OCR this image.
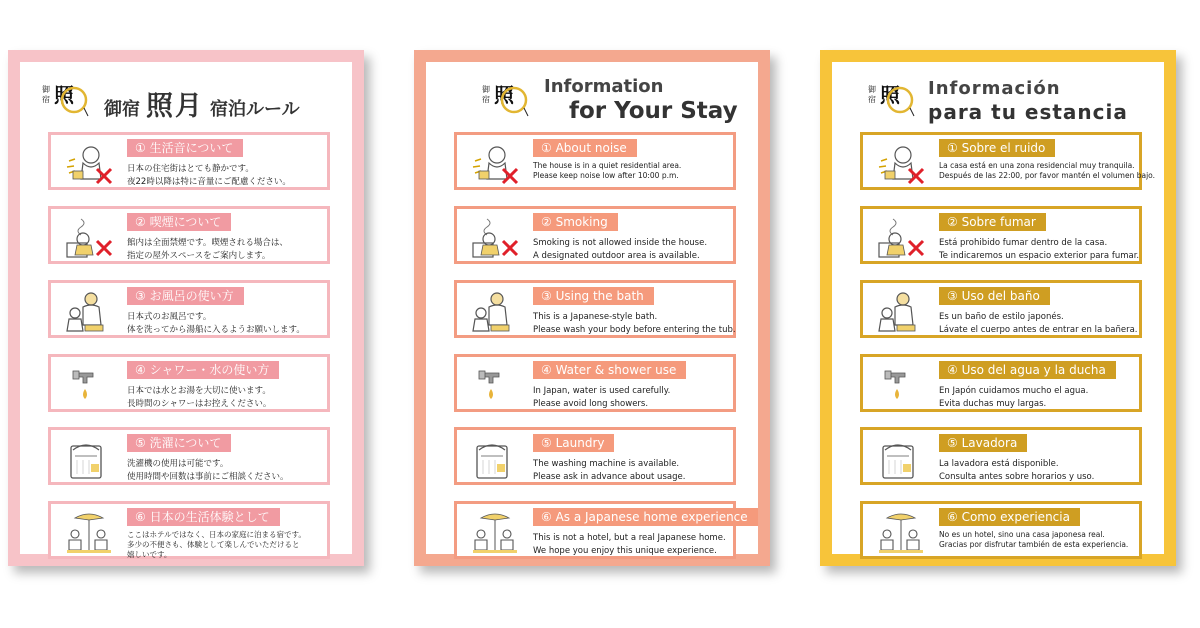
御宿 照月 宿泊ルール
① 生活音について
日本の住宅街はとても静かです。
夜22時以降は特に音量にご配慮ください。
② 喫煙について
館内は全面禁煙です。喫煙される場合は、
指定の屋外スペースをご案内します。
③ お風呂の使い方
日本式のお風呂です。
体を洗ってから湯船に入るようお願いします。
④ シャワー・水の使い方
日本では水とお湯を大切に使います。
長時間のシャワーはお控えください。
⑤ 洗濯について
洗濯機の使用は可能です。
使用時間や回数は事前にご相談ください。
⑥ 日本の生活体験として
ここはホテルではなく、日本の家庭に泊まる宿です。
多少の不便さも、体験として楽しんでいただけると
嬉しいです。
Information
for Your Stay
① About noise
The house is in a quiet residential area.
Please keep noise low after 10:00 p.m.
② Smoking
Smoking is not allowed inside the house.
A designated outdoor area is available.
③ Using the bath
This is a Japanese-style bath.
Please wash your body before entering the tub.
④ Water & shower use
In Japan, water is used carefully.
Please avoid long showers.
⑤ Laundry
The washing machine is available.
Please ask in advance about usage.
⑥ As a Japanese home experience
This is not a hotel, but a real Japanese home.
We hope you enjoy this unique experience.
Información
para tu estancia
① Sobre el ruido
La casa está en una zona residencial muy tranquila.
Después de las 22:00, por favor mantén el volumen bajo.
② Sobre fumar
Está prohibido fumar dentro de la casa.
Te indicaremos un espacio exterior para fumar.
③ Uso del baño
Es un baño de estilo japonés.
Lávate el cuerpo antes de entrar en la bañera.
④ Uso del agua y la ducha
En Japón cuidamos mucho el agua.
Evita duchas muy largas.
⑤ Lavadora
La lavadora está disponible.
Consulta antes sobre horarios y uso.
⑥ Como experiencia
No es un hotel, sino una casa japonesa real.
Gracias por disfrutar también de esta experiencia.
